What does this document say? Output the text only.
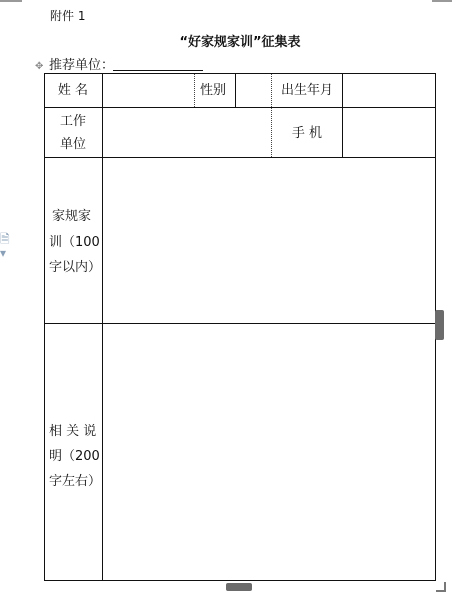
附件 1
“好家规家训”征集表
✥ 推荐单位：
🗎▾
姓 名	性别	出生年月
工作
单位
手 机
家规家
训（100
字以内）
相 关 说
明（200
字左右）
